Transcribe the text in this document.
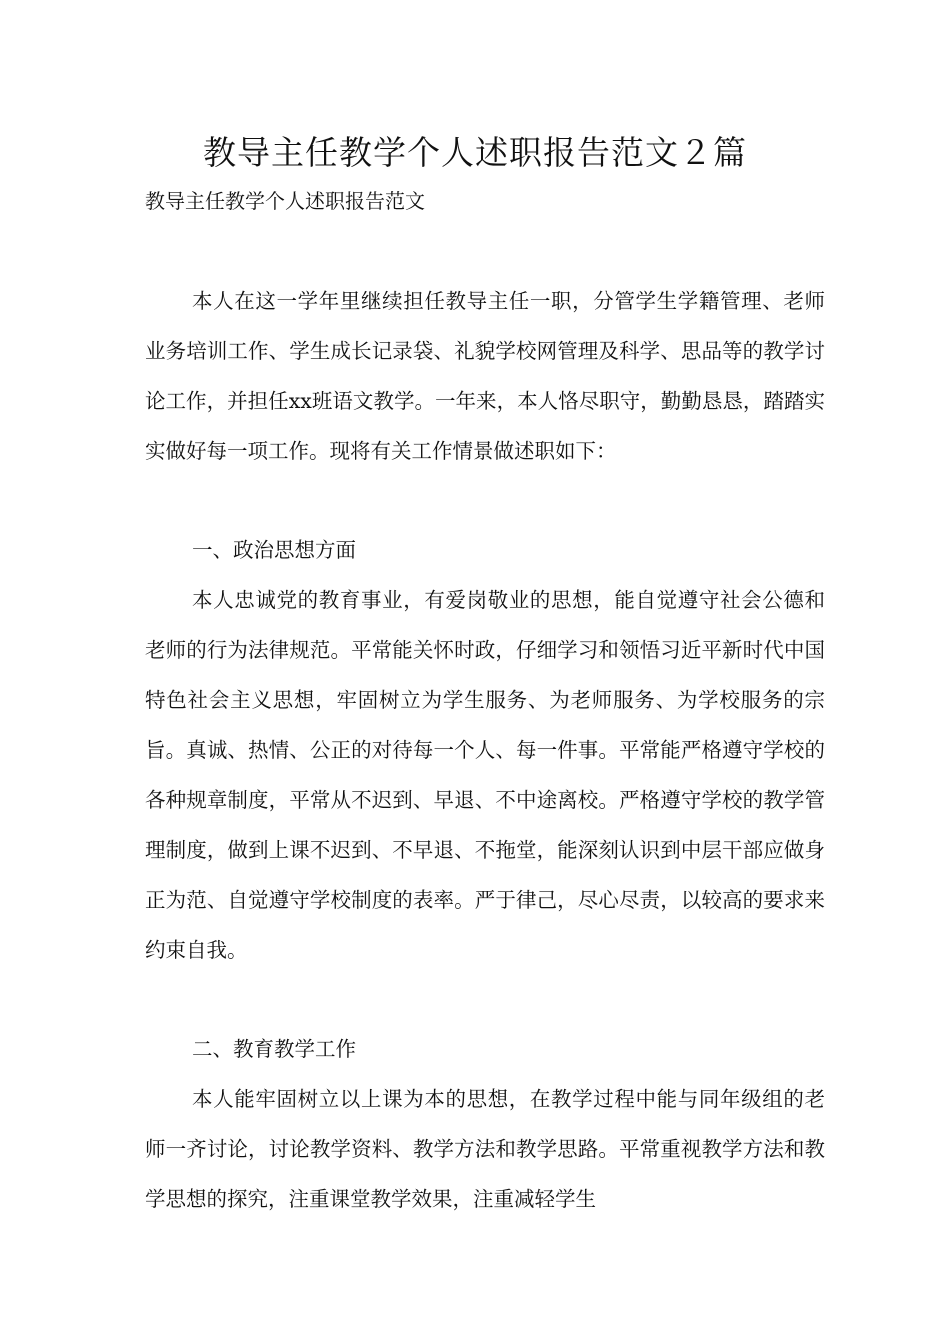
教导主任教学个人述职报告范文２篇

教导主任教学个人述职报告范文

本人在这一学年里继续担任教导主任一职，分管学生学籍管理、老师业务培训工作、学生成长记录袋、礼貌学校网管理及科学、思品等的教学讨论工作，并担任xx班语文教学。一年来，本人恪尽职守，勤勤恳恳，踏踏实实做好每一项工作。现将有关工作情景做述职如下：

一、政治思想方面

本人忠诚党的教育事业，有爱岗敬业的思想，能自觉遵守社会公德和老师的行为法律规范。平常能关怀时政，仔细学习和领悟习近平新时代中国特色社会主义思想，牢固树立为学生服务、为老师服务、为学校服务的宗旨。真诚、热情、公正的对待每一个人、每一件事。平常能严格遵守学校的各种规章制度，平常从不迟到、早退、不中途离校。严格遵守学校的教学管理制度，做到上课不迟到、不早退、不拖堂，能深刻认识到中层干部应做身正为范、自觉遵守学校制度的表率。严于律己，尽心尽责，以较高的要求来约束自我。

二、教育教学工作

本人能牢固树立以上课为本的思想，在教学过程中能与同年级组的老师一齐讨论，讨论教学资料、教学方法和教学思路。平常重视教学方法和教学思想的探究，注重课堂教学效果，注重减轻学生
